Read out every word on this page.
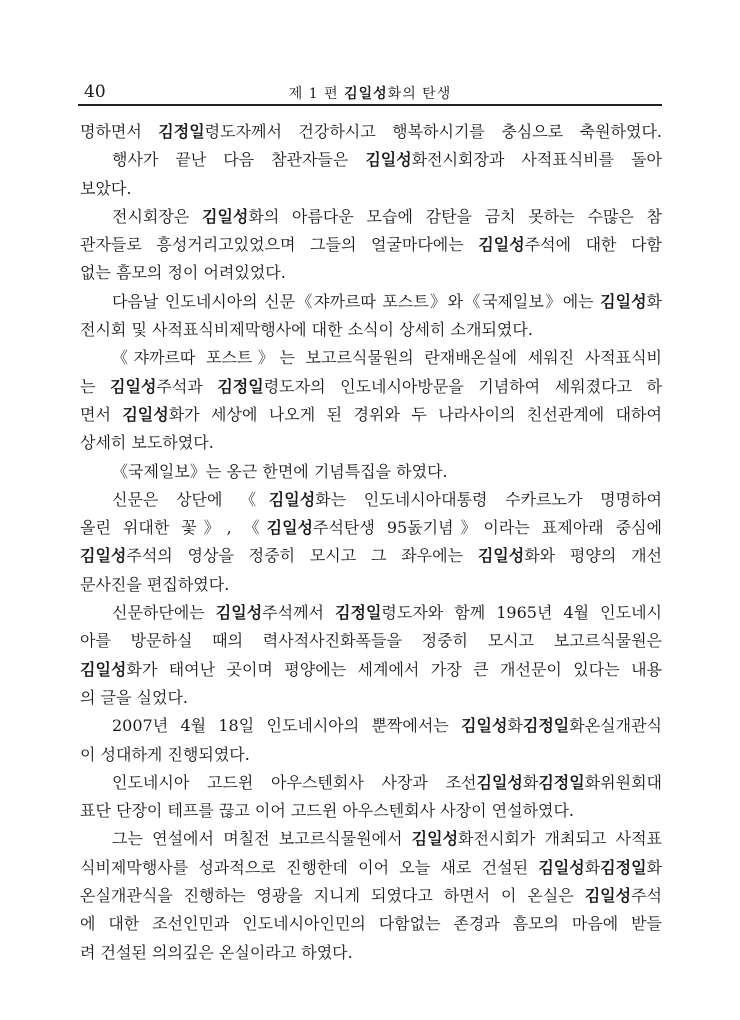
40	제 1 편 김일성화의 탄생
명하면서 김정일령도자께서 건강하시고 행복하시기를 충심으로 축원하였다.
행사가 끝난 다음 참관자들은 김일성화전시회장과 사적표식비를 돌아
보았다.
전시회장은 김일성화의 아름다운 모습에 감탄을 금치 못하는 수많은 참
관자들로 흥성거리고있었으며 그들의 얼굴마다에는 김일성주석에 대한 다함
없는 흠모의 정이 어려있었다.
다음날 인도네시아의 신문《쟈까르따 포스트》와《국제일보》에는 김일성화
전시회 및 사적표식비제막행사에 대한 소식이 상세히 소개되였다.
《쟈까르따 포스트》는 보고르식물원의 란재배온실에 세워진 사적표식비
는 김일성주석과 김정일령도자의 인도네시아방문을 기념하여 세워졌다고 하
면서 김일성화가 세상에 나오게 된 경위와 두 나라사이의 친선관계에 대하여
상세히 보도하였다.
《국제일보》는 옹근 한면에 기념특집을 하였다.
신문은 상단에 《김일성화는 인도네시아대통령 수카르노가 명명하여
올린 위대한 꽃》, 《김일성주석탄생 95돐기념》이라는 표제아래 중심에
김일성주석의 영상을 정중히 모시고 그 좌우에는 김일성화와 평양의 개선
문사진을 편집하였다.
신문하단에는 김일성주석께서 김정일령도자와 함께 1965년 4월 인도네시
아를 방문하실 때의 력사적사진화폭들을 정중히 모시고 보고르식물원은
김일성화가 태여난 곳이며 평양에는 세계에서 가장 큰 개선문이 있다는 내용
의 글을 실었다.
2007년 4월 18일 인도네시아의 뿐짝에서는 김일성화김정일화온실개관식
이 성대하게 진행되였다.
인도네시아 고드윈 아우스텐회사 사장과 조선김일성화김정일화위원회대
표단 단장이 테프를 끊고 이어 고드윈 아우스텐회사 사장이 연설하였다.
그는 연설에서 며칠전 보고르식물원에서 김일성화전시회가 개최되고 사적표
식비제막행사를 성과적으로 진행한데 이어 오늘 새로 건설된 김일성화김정일화
온실개관식을 진행하는 영광을 지니게 되였다고 하면서 이 온실은 김일성주석
에 대한 조선인민과 인도네시아인민의 다함없는 존경과 흠모의 마음에 받들
려 건설된 의의깊은 온실이라고 하였다.
